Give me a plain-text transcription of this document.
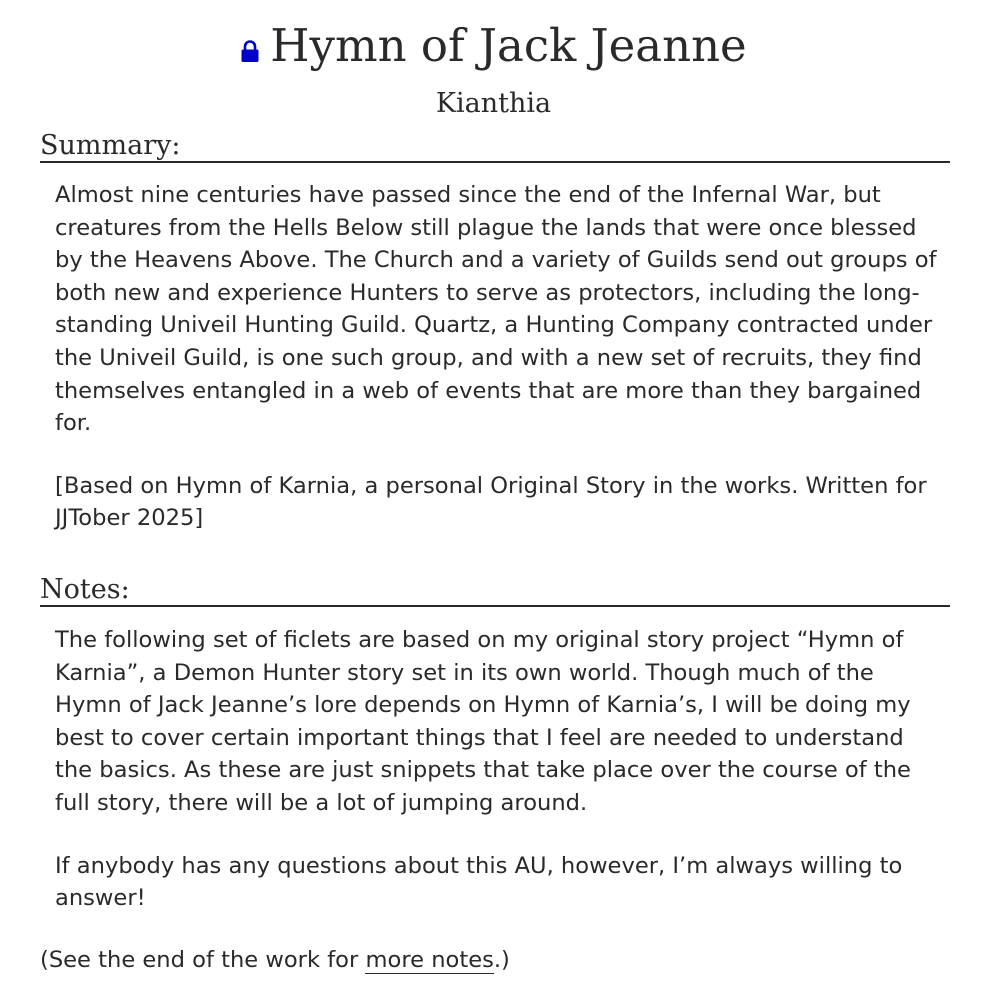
Hymn of Jack Jeanne
Kianthia
Summary:

Almost nine centuries have passed since the end of the Infernal War, but creatures from the Hells Below still plague the lands that were once blessed by the Heavens Above. The Church and a variety of Guilds send out groups of both new and experience Hunters to serve as protectors, including the long-standing Univeil Hunting Guild. Quartz, a Hunting Company contracted under the Univeil Guild, is one such group, and with a new set of recruits, they find themselves entangled in a web of events that are more than they bargained for.

[Based on Hymn of Karnia, a personal Original Story in the works. Written for JJTober 2025]

Notes:

The following set of ficlets are based on my original story project “Hymn of Karnia”, a Demon Hunter story set in its own world. Though much of the Hymn of Jack Jeanne’s lore depends on Hymn of Karnia’s, I will be doing my best to cover certain important things that I feel are needed to understand the basics. As these are just snippets that take place over the course of the full story, there will be a lot of jumping around.

If anybody has any questions about this AU, however, I’m always willing to answer!

(See the end of the work for more notes.)
